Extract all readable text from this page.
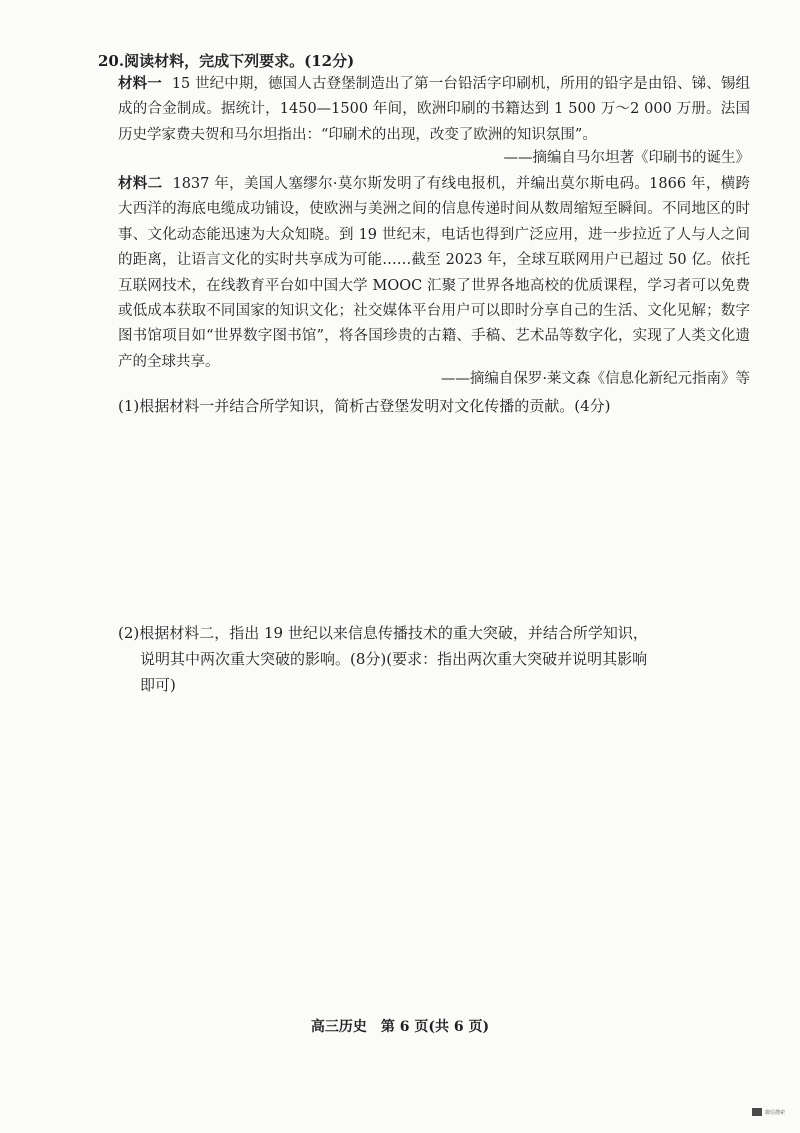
20.阅读材料，完成下列要求。(12分)
材料一 15 世纪中期，德国人古登堡制造出了第一台铅活字印刷机，所用的铅字是由铅、锑、锡组成的合金制成。据统计，1450—1500 年间，欧洲印刷的书籍达到 1 500 万～2 000 万册。法国历史学家费夫贺和马尔坦指出：“印刷术的出现，改变了欧洲的知识氛围”。
——摘编自马尔坦著《印刷书的诞生》
材料二 1837 年，美国人塞缪尔·莫尔斯发明了有线电报机，并编出莫尔斯电码。1866 年，横跨大西洋的海底电缆成功铺设，使欧洲与美洲之间的信息传递时间从数周缩短至瞬间。不同地区的时事、文化动态能迅速为大众知晓。到 19 世纪末，电话也得到广泛应用，进一步拉近了人与人之间的距离，让语言文化的实时共享成为可能……截至 2023 年，全球互联网用户已超过 50 亿。依托互联网技术，在线教育平台如中国大学 MOOC 汇聚了世界各地高校的优质课程，学习者可以免费或低成本获取不同国家的知识文化；社交媒体平台用户可以即时分享自己的生活、文化见解；数字图书馆项目如“世界数字图书馆”，将各国珍贵的古籍、手稿、艺术品等数字化，实现了人类文化遗产的全球共享。
——摘编自保罗·莱文森《信息化新纪元指南》等
(1)根据材料一并结合所学知识，简析古登堡发明对文化传播的贡献。(4分)
(2)根据材料二，指出 19 世纪以来信息传播技术的重大突破，并结合所学知识，说明其中两次重大突破的影响。(8分)(要求：指出两次重大突破并说明其影响即可)
高三历史　第 6 页(共 6 页)
微信搜索
